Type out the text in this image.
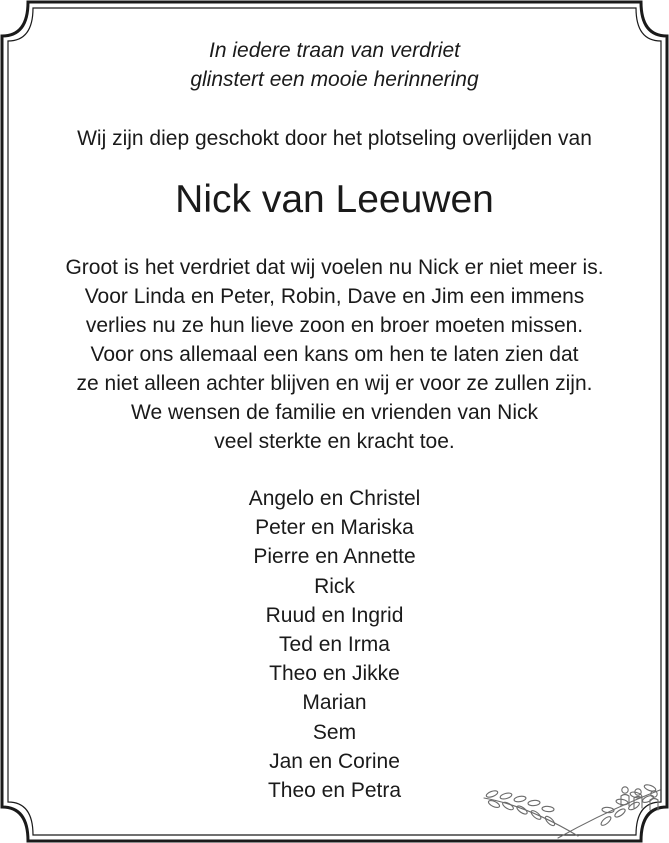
In iedere traan van verdriet
glinstert een mooie herinnering
Wij zijn diep geschokt door het plotseling overlijden van
Nick van Leeuwen
Groot is het verdriet dat wij voelen nu Nick er niet meer is.
Voor Linda en Peter, Robin, Dave en Jim een immens
verlies nu ze hun lieve zoon en broer moeten missen.
Voor ons allemaal een kans om hen te laten zien dat
ze niet alleen achter blijven en wij er voor ze zullen zijn.
We wensen de familie en vrienden van Nick
veel sterkte en kracht toe.
Angelo en Christel
Peter en Mariska
Pierre en Annette
Rick
Ruud en Ingrid
Ted en Irma
Theo en Jikke
Marian
Sem
Jan en Corine
Theo en Petra
